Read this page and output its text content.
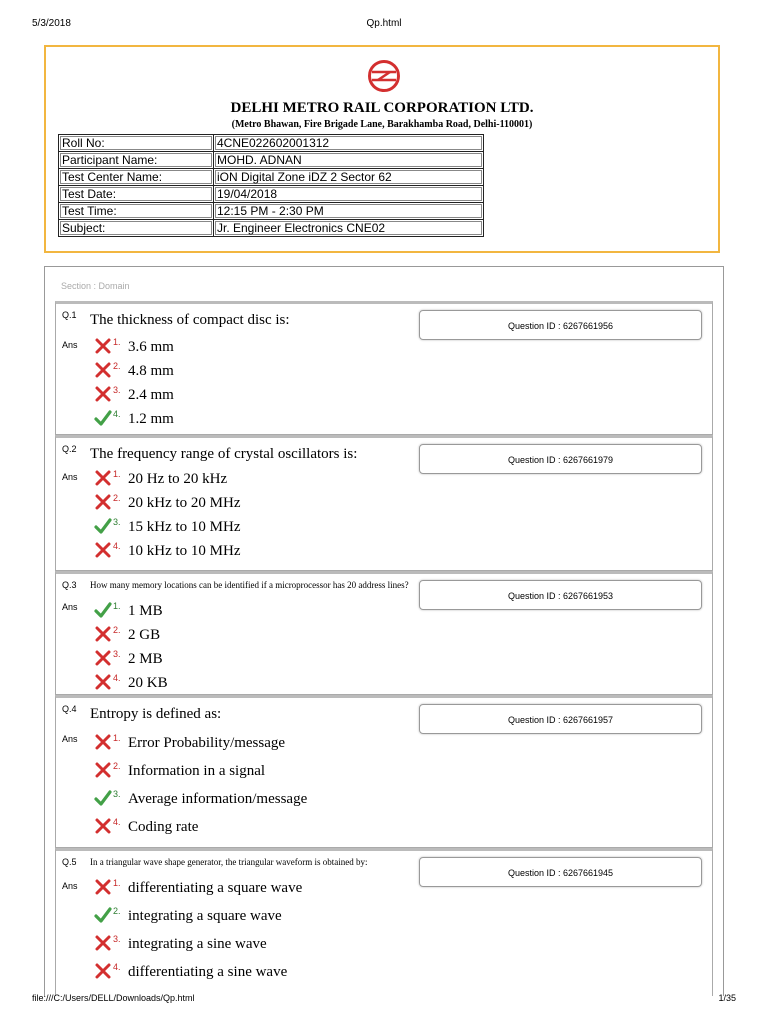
5/3/2018	Qp.html
DELHI METRO RAIL CORPORATION LTD.
(Metro Bhawan, Fire Brigade Lane, Barakhamba Road, Delhi-110001)
Roll No:	4CNE022602001312
Participant Name:	MOHD. ADNAN
Test Center Name:	iON Digital Zone iDZ 2 Sector 62
Test Date:	19/04/2018
Test Time:	12:15 PM - 2:30 PM
Subject:	Jr. Engineer Electronics CNE02
Section : Domain
Q.1 The thickness of compact disc is:	Question ID : 6267661956
Ans	1. 3.6 mm
2. 4.8 mm
3. 2.4 mm
4. 1.2 mm
Q.2 The frequency range of crystal oscillators is:	Question ID : 6267661979
Ans	1. 20 Hz to 20 kHz
2. 20 kHz to 20 MHz
3. 15 kHz to 10 MHz
4. 10 kHz to 10 MHz
Q.3 How many memory locations can be identified if a microprocessor has 20 address lines?
Question ID : 6267661953
Ans	1. 1 MB
2. 2 GB
3. 2 MB
4. 20 KB
Q.4 Entropy is defined as:	Question ID : 6267661957
Ans	1. Error Probability/message
2. Information in a signal
3. Average information/message
4. Coding rate
Q.5 In a triangular wave shape generator, the triangular waveform is obtained by:
Question ID : 6267661945
Ans	1. differentiating a square wave
2. integrating a square wave
3. integrating a sine wave
4. differentiating a sine wave
file:///C:/Users/DELL/Downloads/Qp.html	1/35
